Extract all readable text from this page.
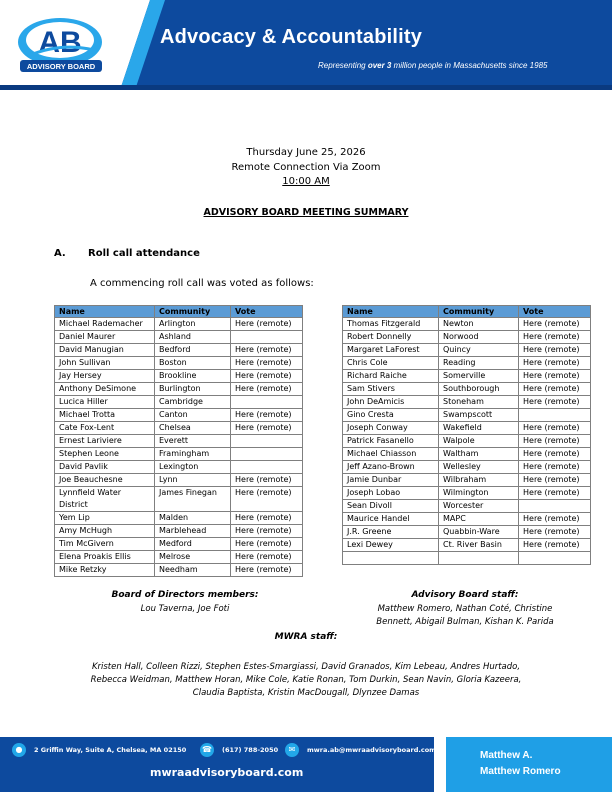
AB
ADVISORY BOARD
Advocacy & Accountability
Representing over 3 million people in Massachusetts since 1985
Thursday June 25, 2026
Remote Connection Via Zoom
10:00 AM
ADVISORY BOARD MEETING SUMMARY
A. Roll call attendance
A commencing roll call was voted as follows:
Name	Community	Vote
Michael Rademacher	Arlington	Here (remote)
Daniel Maurer	Ashland	
David Manugian	Bedford	Here (remote)
John Sullivan	Boston	Here (remote)
Jay Hersey	Brookline	Here (remote)
Anthony DeSimone	Burlington	Here (remote)
Lucica Hiller	Cambridge	
Michael Trotta	Canton	Here (remote)
Cate Fox-Lent	Chelsea	Here (remote)
Ernest Lariviere	Everett	
Stephen Leone	Framingham	
David Pavlik	Lexington	
Joe Beauchesne	Lynn	Here (remote)
Lynnfield Water District	James Finegan	Here (remote)
Yem Lip	Malden	Here (remote)
Amy McHugh	Marblehead	Here (remote)
Tim McGivern	Medford	Here (remote)
Elena Proakis Ellis	Melrose	Here (remote)
Mike Retzky	Needham	Here (remote)
Name	Community	Vote
Thomas Fitzgerald	Newton	Here (remote)
Robert Donnelly	Norwood	Here (remote)
Margaret LaForest	Quincy	Here (remote)
Chris Cole	Reading	Here (remote)
Richard Raiche	Somerville	Here (remote)
Sam Stivers	Southborough	Here (remote)
John DeAmicis	Stoneham	Here (remote)
Gino Cresta	Swampscott	
Joseph Conway	Wakefield	Here (remote)
Patrick Fasanello	Walpole	Here (remote)
Michael Chiasson	Waltham	Here (remote)
Jeff Azano-Brown	Wellesley	Here (remote)
Jamie Dunbar	Wilbraham	Here (remote)
Joseph Lobao	Wilmington	Here (remote)
Sean Divoll	Worcester	
Maurice Handel	MAPC	Here (remote)
J.R. Greene	Quabbin-Ware	Here (remote)
Lexi Dewey	Ct. River Basin	Here (remote)

Board of Directors members:
Lou Taverna, Joe Foti
Advisory Board staff:
Matthew Romero, Nathan Coté, Christine
Bennett, Abigail Bulman, Kishan K. Parida
MWRA staff:
Kristen Hall, Colleen Rizzi, Stephen Estes-Smargiassi, David Granados, Kim Lebeau, Andres Hurtado,
Rebecca Weidman, Matthew Horan, Mike Cole, Katie Ronan, Tom Durkin, Sean Navin, Gloria Kazeera,
Claudia Baptista, Kristin MacDougall, Dlynzee Damas
●	2 Griffin Way, Suite A, Chelsea, MA 02150 ☎	(617) 788-2050	✉	mwra.ab@mwraadvisoryboard.com
mwraadvisoryboard.com
Matthew A.
Matthew Romero
